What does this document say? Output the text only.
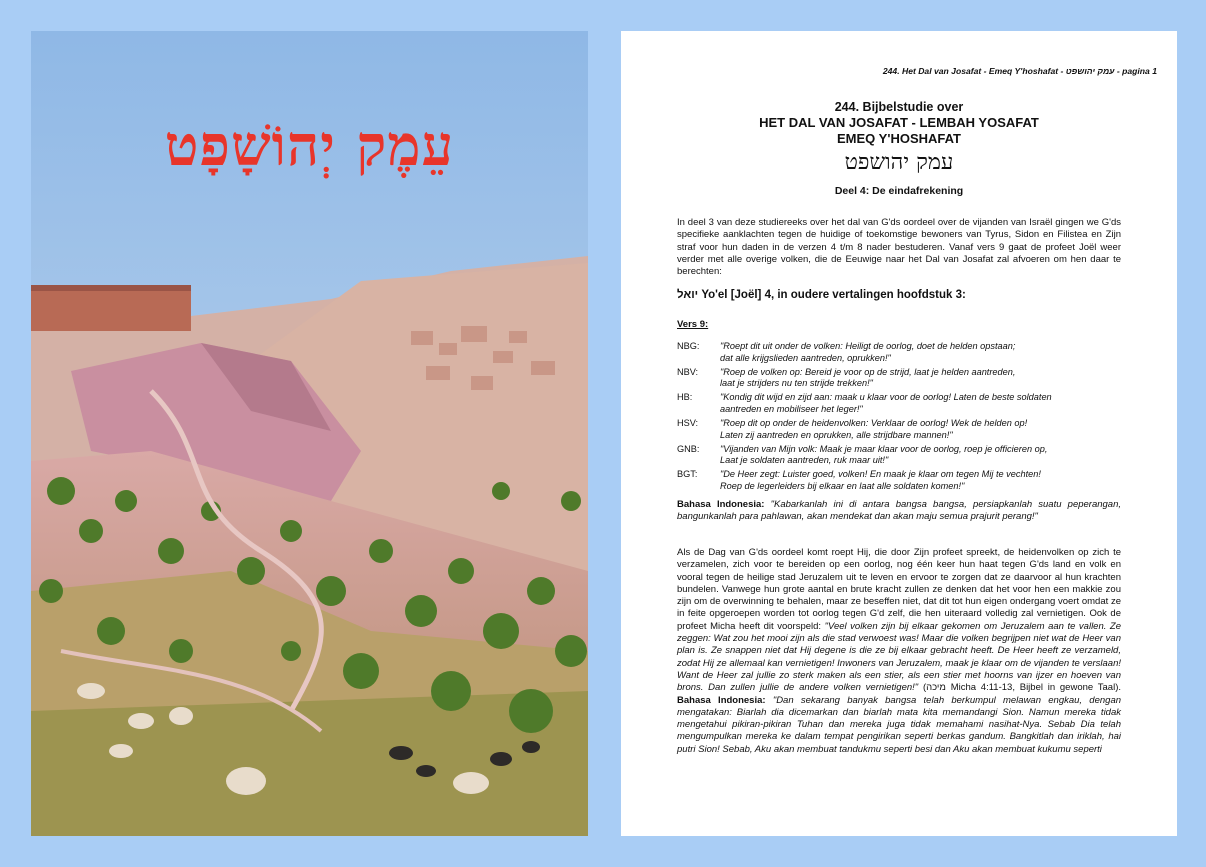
עֵמֶק יְהוֹשָׁפָט
244. Het Dal van Josafat - Emeq Y'hoshafat - עמק יהושפט - pagina 1
244. Bijbelstudie over
HET DAL VAN JOSAFAT - LEMBAH YOSAFAT
EMEQ Y'HOSHAFAT
עמק יהושפט
Deel 4: De eindafrekening

In deel 3 van deze studiereeks over het dal van G'ds oordeel over de vijanden van Israël gingen we G'ds specifieke aanklachten tegen de huidige of toekomstige bewoners van Tyrus, Sidon en Filistea en Zijn straf voor hun daden in de verzen 4 t/m 8 nader bestuderen. Vanaf vers 9 gaat de profeet Joël weer verder met alle overige volken, die de Eeuwige naar het Dal van Josafat zal afvoeren om hen daar te berechten:

יואל Yo'el [Joël] 4, in oudere vertalingen hoofdstuk 3:
Vers 9:
NBG:	"Roept dit uit onder de volken: Heiligt de oorlog, doet de helden opstaan;
dat alle krijgslieden aantreden, oprukken!"
NBV:	"Roep de volken op: Bereid je voor op de strijd, laat je helden aantreden,
laat je strijders nu ten strijde trekken!"
HB:	"Kondig dit wijd en zijd aan: maak u klaar voor de oorlog! Laten de beste soldaten
aantreden en mobiliseer het leger!"
HSV:	"Roep dit op onder de heidenvolken: Verklaar de oorlog! Wek de helden op!
Laten zij aantreden en oprukken, alle strijdbare mannen!"
GNB:	"Vijanden van Mijn volk: Maak je maar klaar voor de oorlog, roep je officieren op,
Laat je soldaten aantreden, ruk maar uit!"
BGT:	"De Heer zegt: Luister goed, volken! En maak je klaar om tegen Mij te vechten!
Roep de legerleiders bij elkaar en laat alle soldaten komen!"

Bahasa Indonesia: "Kabarkanlah ini di antara bangsa bangsa, persiapkanlah suatu peperangan, bangunkanlah para pahlawan, akan mendekat dan akan maju semua prajurit perang!"

Als de Dag van G'ds oordeel komt roept Hij, die door Zijn profeet spreekt, de heidenvolken op zich te verzamelen, zich voor te bereiden op een oorlog, nog één keer hun haat tegen G'ds land en volk en vooral tegen de heilige stad Jeruzalem uit te leven en ervoor te zorgen dat ze daarvoor al hun krachten bundelen. Vanwege hun grote aantal en brute kracht zullen ze denken dat het voor hen een makkie zou zijn om de overwinning te behalen, maar ze beseffen niet, dat dit tot hun eigen ondergang voert omdat ze in feite opgeroepen worden tot oorlog tegen G'd zelf, die hen uiteraard volledig zal vernietigen. Ook de profeet Micha heeft dit voorspeld: "Veel volken zijn bij elkaar gekomen om Jeruzalem aan te vallen. Ze zeggen: Wat zou het mooi zijn als die stad verwoest was! Maar die volken begrijpen niet wat de Heer van plan is. Ze snappen niet dat Hij degene is die ze bij elkaar gebracht heeft. De Heer heeft ze verzameld, zodat Hij ze allemaal kan vernietigen! Inwoners van Jeruzalem, maak je klaar om de vijanden te verslaan! Want de Heer zal jullie zo sterk maken als een stier, als een stier met hoorns van ijzer en hoeven van brons. Dan zullen jullie de andere volken vernietigen!" (מיכה Micha 4:11-13, Bijbel in gewone Taal). Bahasa Indonesia: "Dan sekarang banyak bangsa telah berkumpul melawan engkau, dengan mengatakan: Biarlah dia dicemarkan dan biarlah mata kita memandangi Sion. Namun mereka tidak mengetahui pikiran-pikiran Tuhan dan mereka juga tidak memahami nasihat-Nya. Sebab Dia telah mengumpulkan mereka ke dalam tempat pengirikan seperti berkas gandum. Bangkitlah dan iriklah, hai putri Sion! Sebab, Aku akan membuat tandukmu seperti besi dan Aku akan membuat kukumu seperti
